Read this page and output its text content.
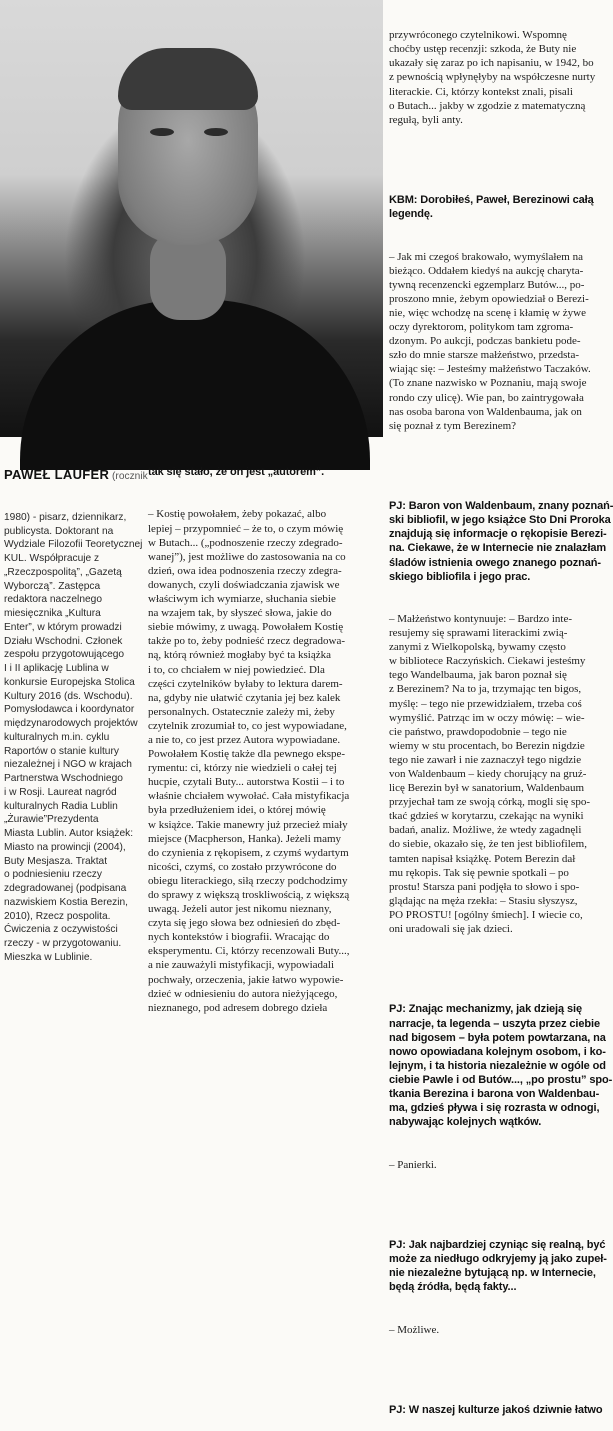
PAWEŁ LAUFER (rocznik

1980) - pisarz, dziennikarz,
publicysta. Doktorant na
Wydziale Filozofii Teoretycznej
KUL. Współpracuje z
„Rzeczpospolitą”, „Gazetą
Wyborczą”. Zastępca
redaktora naczelnego
miesięcznika „Kultura
Enter”, w którym prowadzi
Działu Wschodni. Członek
zespołu przygotowującego
I i II aplikację Lublina w
konkursie Europejska Stolica
Kultury 2016 (ds. Wschodu).
Pomysłodawca i koordynator
międzynarodowych projektów
kulturalnych m.in. cyklu
Raportów o stanie kultury
niezależnej i NGO w krajach
Partnerstwa Wschodniego
i w Rosji. Laureat nagród
kulturalnych Radia Lublin
„Żurawie”Prezydenta
Miasta Lublin. Autor książek:
Miasto na prowincji (2004),
Buty Mesjasza. Traktat
o podniesieniu rzeczy
zdegradowanej (podpisana
nazwiskiem Kostia Berezin,
2010), Rzecz pospolita.
Ćwiczenia z oczywistości
rzeczy - w przygotowaniu.
Mieszka w Lublinie.

tak się stało, że on jest „autorem”.

– Kostię powołałem, żeby pokazać, albo
lepiej – przypomnieć – że to, o czym mówię
w Butach... („podnoszenie rzeczy zdegrado-
wanej”), jest możliwe do zastosowania na co
dzień, owa idea podnoszenia rzeczy zdegra-
dowanych, czyli doświadczania zjawisk we
właściwym ich wymiarze, słuchania siebie
na wzajem tak, by słyszeć słowa, jakie do
siebie mówimy, z uwagą. Powołałem Kostię
także po to, żeby podnieść rzecz degradowa-
ną, którą również mogłaby być ta książka
i to, co chciałem w niej powiedzieć. Dla
części czytelników byłaby to lektura darem-
na, gdyby nie ułatwić czytania jej bez kalek
personalnych. Ostatecznie zależy mi, żeby
czytelnik zrozumiał to, co jest wypowiadane,
a nie to, co jest przez Autora wypowiadane.
Powołałem Kostię także dla pewnego ekspe-
rymentu: ci, którzy nie wiedzieli o całej tej
hucpie, czytali Buty... autorstwa Kostii – i to
właśnie chciałem wywołać. Cała mistyfikacja
była przedłużeniem idei, o której mówię
w książce. Takie manewry już przecież miały
miejsce (Macpherson, Hanka). Jeżeli mamy
do czynienia z rękopisem, z czymś wydartym
nicości, czymś, co zostało przywrócone do
obiegu literackiego, siłą rzeczy podchodzimy
do sprawy z większą troskliwością, z większą
uwagą. Jeżeli autor jest nikomu nieznany,
czyta się jego słowa bez odniesień do zbęd-
nych kontekstów i biografii. Wracając do
eksperymentu. Ci, którzy recenzowali Buty...,
a nie zauważyli mistyfikacji, wypowiadali
pochwały, orzeczenia, jakie łatwo wypowie-
dzieć w odniesieniu do autora nieżyjącego,
nieznanego, pod adresem dobrego dzieła

przywróconego czytelnikowi. Wspomnę
choćby ustęp recenzji: szkoda, że Buty nie
ukazały się zaraz po ich napisaniu, w 1942, bo
z pewnością wpłynęłyby na współczesne nurty
literackie. Ci, którzy kontekst znali, pisali
o Butach... jakby w zgodzie z matematyczną
regułą, byli anty.

KBM: Dorobiłeś, Paweł, Berezinowi całą
legendę.

– Jak mi czegoś brakowało, wymyślałem na
bieżąco. Oddałem kiedyś na aukcję charyta-
tywną recenzencki egzemplarz Butów..., po-
proszono mnie, żebym opowiedział o Berezi-
nie, więc wchodzę na scenę i kłamię w żywe
oczy dyrektorom, politykom tam zgroma-
dzonym. Po aukcji, podczas bankietu pode-
szło do mnie starsze małżeństwo, przedsta-
wiając się: – Jesteśmy małżeństwo Taczaków.
(To znane nazwisko w Poznaniu, mają swoje
rondo czy ulicę). Wie pan, bo zaintrygowała
nas osoba barona von Waldenbauma, jak on
się poznał z tym Berezinem?

PJ: Baron von Waldenbaum, znany poznań-
ski bibliofil, w jego książce Sto Dni Proroka
znajdują się informacje o rękopisie Berezi-
na. Ciekawe, że w Internecie nie znalazłam
śladów istnienia owego znanego poznań-
skiego bibliofila i jego prac.

– Małżeństwo kontynuuje: – Bardzo inte-
resujemy się sprawami literackimi zwią-
zanymi z Wielkopolską, bywamy często
w bibliotece Raczyńskich. Ciekawi jesteśmy
tego Wandelbauma, jak baron poznał się
z Berezinem? Na to ja, trzymając ten bigos,
myślę: – tego nie przewidziałem, trzeba coś
wymyślić. Patrząc im w oczy mówię: – wie-
cie państwo, prawdopodobnie – tego nie
wiemy w stu procentach, bo Berezin nigdzie
tego nie zawarł i nie zaznaczył tego nigdzie
von Waldenbaum – kiedy chorujący na gruź-
licę Berezin był w sanatorium, Waldenbaum
przyjechał tam ze swoją córką, mogli się spo-
tkać gdzieś w korytarzu, czekając na wyniki
badań, analiz. Możliwe, że wtedy zagadnęli
do siebie, okazało się, że ten jest bibliofilem,
tamten napisał książkę. Potem Berezin dał
mu rękopis. Tak się pewnie spotkali – po
prostu! Starsza pani podjęła to słowo i spo-
glądając na męża rzekła: – Stasiu słyszysz,
PO PROSTU! [ogólny śmiech]. I wiecie co,
oni uradowali się jak dzieci.

PJ: Znając mechanizmy, jak dzieją się
narracje, ta legenda – uszyta przez ciebie
nad bigosem – była potem powtarzana, na
nowo opowiadana kolejnym osobom, i ko-
lejnym, i ta historia niezależnie w ogóle od
ciebie Pawle i od Butów..., „po prostu” spo-
tkania Berezina i barona von Waldenbau-
ma, gdzieś pływa i się rozrasta w odnogi,
nabywając kolejnych wątków.

– Panierki.

PJ: Jak najbardziej czyniąc się realną, być
może za niedługo odkryjemy ją jako zupeł-
nie niezależne bytującą np. w Internecie,
będą źródła, będą fakty...

– Możliwe.

PJ: W naszej kulturze jakoś dziwnie łatwo
